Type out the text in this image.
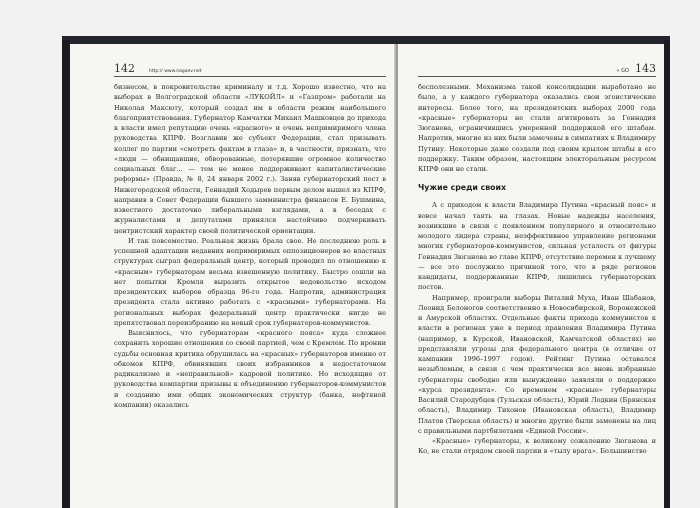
142	http:// www.nagaev.net

бизнесом, в покровительстве криминалу и т.д. Хорошо известно, что на выборах в Волгоградской области «ЛУКОЙЛ» и «Газпром» работали на Николая Максюту, который создал им в области режим наибольшего благоприятствования. Губернатор Камчатки Михаил Машковцев до прихода к власти имел репутацию очень «красного» и очень непримиримого члена руководства КПРФ. Возглавив же субъект Федерации, стал призывать коллег по партии «смотреть фактам в глаза» и, в частности, признать, что «люди — обнищавшие, обворованные, потерявшие огромное количество социальных благ... — тем не менее поддерживают капиталистические реформы» (Правда, № 8, 24 января 2002 г.). Заняв губернаторский пост в Нижегородской области, Геннадий Ходырев первым делом вышел из КПРФ, направив в Совет Федерации бывшего замминистра финансов Е. Бушмина, известного достаточно либеральными взглядами, а в беседах с журналистами и депутатами принялся настойчиво подчеркивать центристский характер своей политической ориентации.

И так повсеместно. Реальная жизнь брала свое. Не последнюю роль в успешной адаптации недавних непримиримых оппозиционеров во властных структурах сыграл федеральный центр, который проводил по отношению к «красным» губернаторам весьма взвешенную политику. Быстро сошли на нет попытки Кремля выразить открытое недовольство исходом президентских выборов образца 96-го года. Напротив, администрация президента стала активно работать с «красными» губернаторами. На региональных выборах федеральный центр практически нигде не препятствовал переизбранию на новый срок губернаторов-коммунистов.

Выяснилось, что губернаторам «красного пояса» куда сложнее сохранить хорошие отношения со своей партией, чем с Кремлем. По иронии судьбы основная критика обрушилась на «красных» губернаторов именно от обкомов КПРФ, обвинявших своих избранников в недостаточном радикализме и «неправильной» кадровой политике. Но исходящие от руководства компартии призывы к объединению губернаторов-коммунистов и созданию ими общих экономических структур (банка, нефтяной компании) оказались

« GO 143

бесполезными. Механизма такой консолидации выработано не было, а у каждого губернатора оказались свои эгоистические интересы. Более того, на президентских выборах 2000 года «красные» губернаторы не стали агитировать за Геннадия Зюганова, ограничившись умеренной поддержкой его штабам. Напротив, многие из них были замечены в симпатиях к Владимиру Путину. Некоторые даже создали под своим крылом штабы в его поддержку. Таким образом, настоящим электоральным ресурсом КПРФ они не стали.

Чужие среди своих

А с приходом к власти Владимира Путина «красный пояс» и вовсе начал таять на глазах. Новые надежды населения, возникшие в связи с появлением популярного и относительно молодого лидера страны, неэффективное управление регионами многих губернаторов-коммунистов, сильная усталость от фигуры Геннадия Зюганова во главе КПРФ, отсутствие перемен к лучшему — все это послужило причиной того, что в ряде регионов кандидаты, поддержанные КПРФ, лишились губернаторских постов.

Например, проиграли выборы Виталий Муха, Иван Шабанов, Леонид Белоногов соответственно в Новосибирской, Воронежской и Амурской областях. Отдельные факты прихода коммунистов к власти в регионах уже в период правления Владимира Путина (например, в Курской, Ивановской, Камчатской областях) не представляли угрозы для федерального центра (в отличие от кампании 1996–1997 годов). Рейтинг Путина оставался незыблемым, в связи с чем практически все вновь избранные губернаторы свободно или вынужденно заявляли о поддержке «курса президента». Со временем «красные» губернаторы Василий Стародубцев (Тульская область), Юрий Лодкин (Брянская область), Владимир Тихонов (Ивановская область), Владимир Платов (Тверская область) и многие другие были заменены на лиц с правильными партбилетами «Единой России».

«Красные» губернаторы, к великому сожалению Зюганова и Ко, не стали отрядом своей партии в «тылу врага». Большинство
